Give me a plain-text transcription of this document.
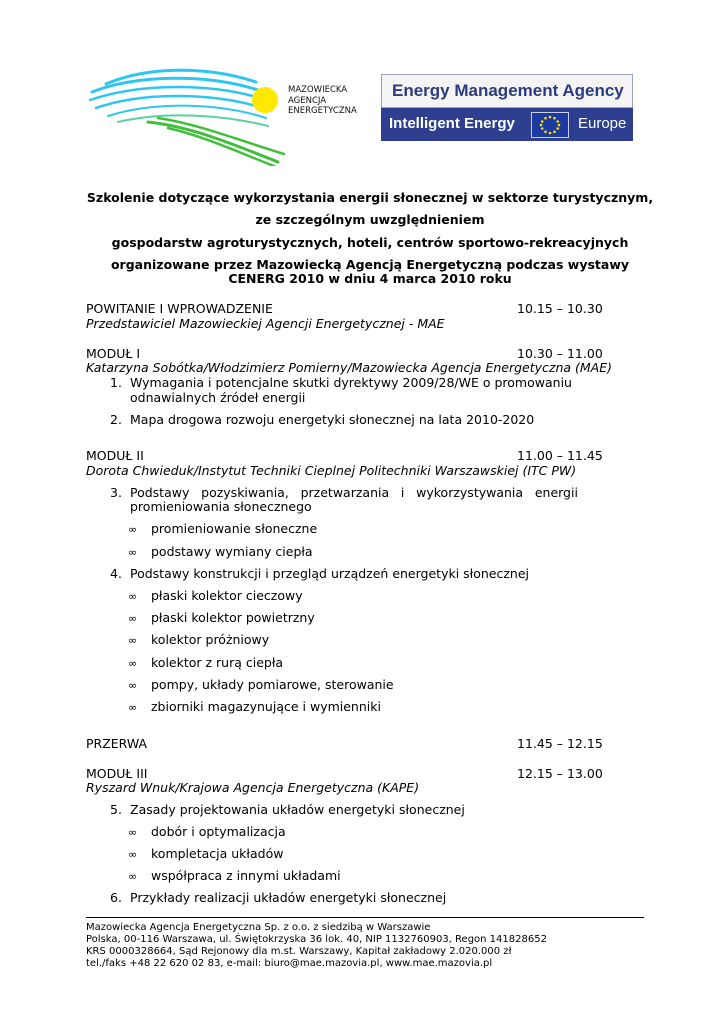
MAZOWIECKA
AGENCJA
ENERGETYCZNA
Energy Management Agency
Intelligent Energy	Europe
Szkolenie dotyczące wykorzystania energii słonecznej w sektorze turystycznym,
ze szczególnym uwzględnieniem
gospodarstw agroturystycznych, hoteli, centrów sportowo-rekreacyjnych
organizowane przez Mazowiecką Agencją Energetyczną podczas wystawy
CENERG 2010 w dniu 4 marca 2010 roku
POWITANIE I WPROWADZENIE	10.15 – 10.30
Przedstawiciel Mazowieckiej Agencji Energetycznej - MAE
MODUŁ I	10.30 – 11.00
Katarzyna Sobótka/Włodzimierz Pomierny/Mazowiecka Agencja Energetyczna (MAE)
1. Wymagania i potencjalne skutki dyrektywy 2009/28/WE o promowaniu
odnawialnych źródeł energii
2. Mapa drogowa rozwoju energetyki słonecznej na lata 2010-2020
MODUŁ II	11.00 – 11.45
Dorota Chwieduk/Instytut Techniki Cieplnej Politechniki Warszawskiej (ITC PW)
3. Podstawy pozyskiwania, przetwarzania i wykorzystywania energii
promieniowania słonecznego
∞ promieniowanie słoneczne
∞ podstawy wymiany ciepła
4. Podstawy konstrukcji i przegląd urządzeń energetyki słonecznej
∞ płaski kolektor cieczowy
∞ płaski kolektor powietrzny
∞ kolektor próżniowy
∞ kolektor z rurą ciepła
∞ pompy, układy pomiarowe, sterowanie
∞ zbiorniki magazynujące i wymienniki
PRZERWA	11.45 – 12.15
MODUŁ III	12.15 – 13.00
Ryszard Wnuk/Krajowa Agencja Energetyczna (KAPE)
5. Zasady projektowania układów energetyki słonecznej
∞ dobór i optymalizacja
∞ kompletacja układów
∞ współpraca z innymi układami
6. Przykłady realizacji układów energetyki słonecznej
Mazowiecka Agencja Energetyczna Sp. z o.o. z siedzibą w Warszawie
Polska, 00-116 Warszawa, ul. Świętokrzyska 36 lok. 40, NIP 1132760903, Regon 141828652
KRS 0000328664, Sąd Rejonowy dla m.st. Warszawy, Kapitał zakładowy 2.020.000 zł
tel./faks +48 22 620 02 83, e-mail: biuro@mae.mazovia.pl, www.mae.mazovia.pl
